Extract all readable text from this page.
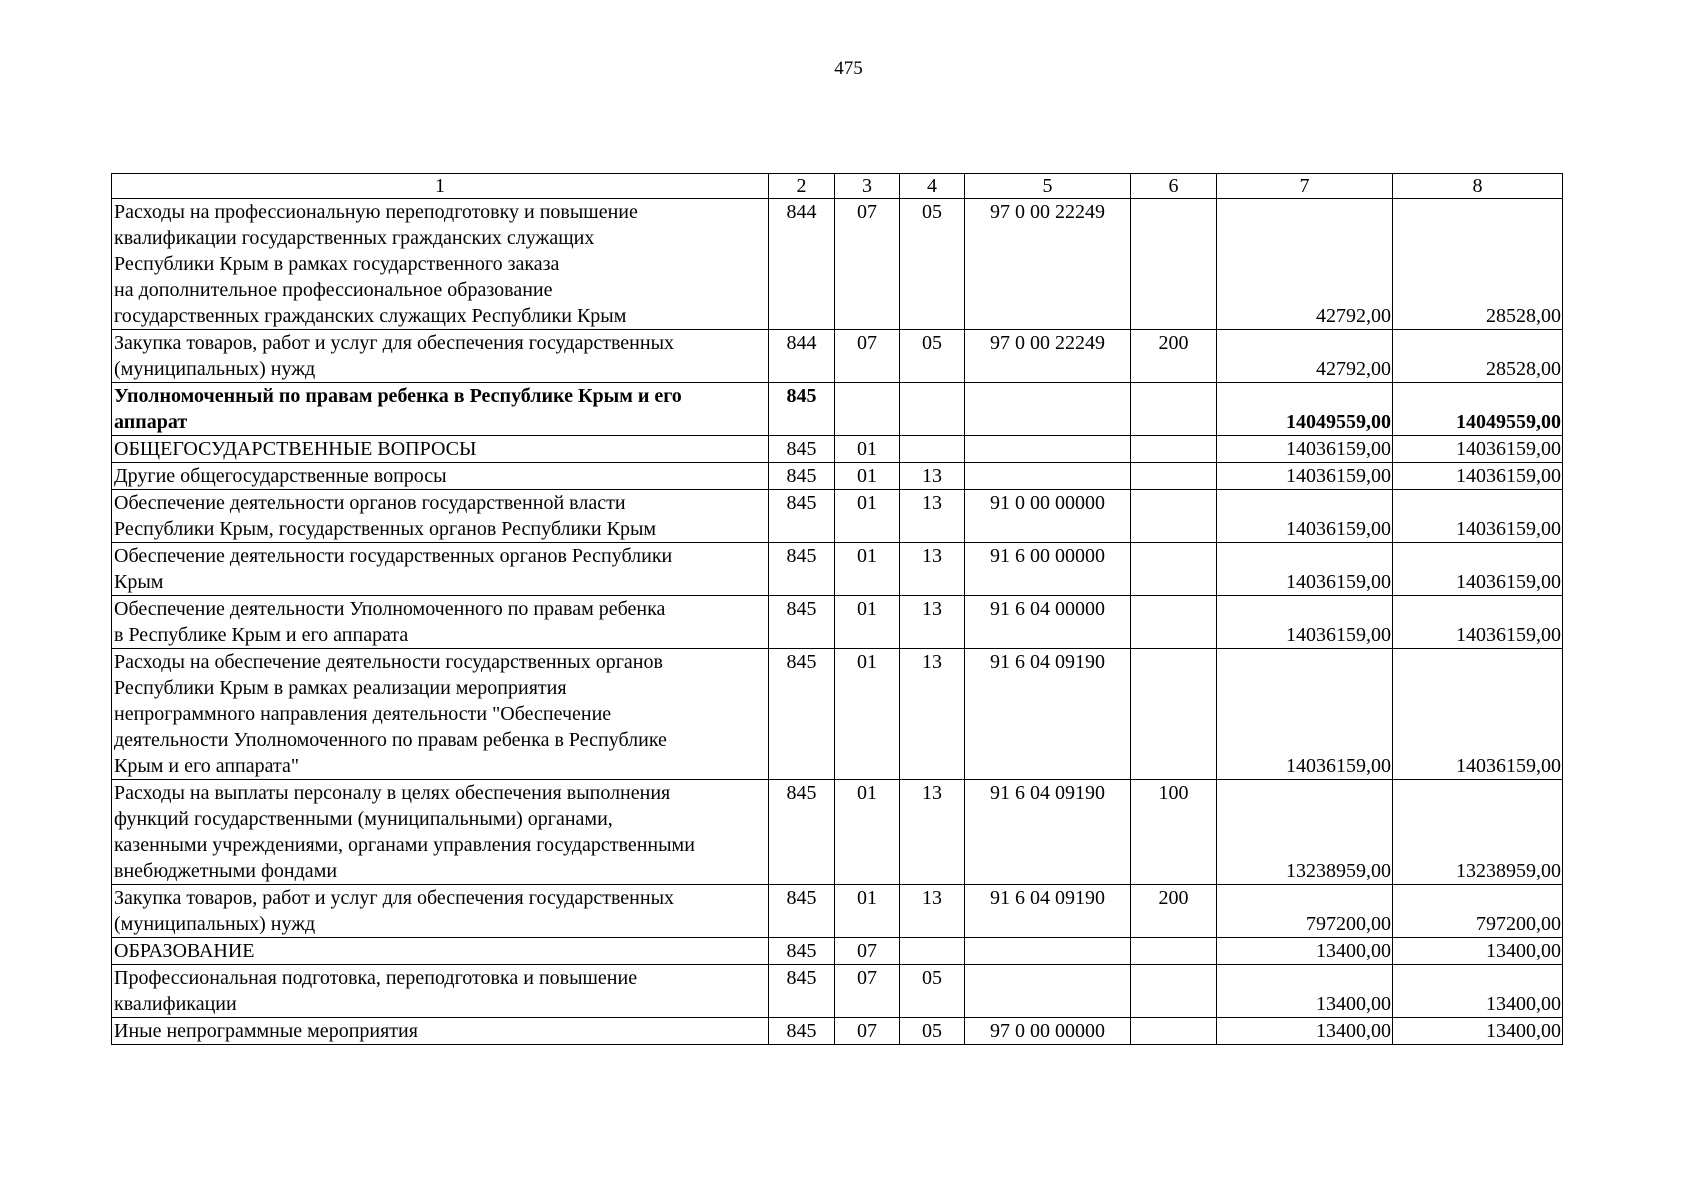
475
1	2	3	4	5	6	7	8
Расходы на профессиональную переподготовку и повышение
квалификации государственных гражданских служащих
Республики Крым в рамках государственного заказа
на дополнительное профессиональное образование
государственных гражданских служащих Республики Крым	844	07	05	97 0 00 22249		42792,00	28528,00
Закупка товаров, работ и услуг для обеспечения государственных
(муниципальных) нужд	844	07	05	97 0 00 22249	200	42792,00	28528,00
Уполномоченный по правам ребенка в Республике Крым и его
аппарат	845					14049559,00	14049559,00
ОБЩЕГОСУДАРСТВЕННЫЕ ВОПРОСЫ	845	01				14036159,00	14036159,00
Другие общегосударственные вопросы	845	01	13			14036159,00	14036159,00
Обеспечение деятельности органов государственной власти
Республики Крым, государственных органов Республики Крым	845	01	13	91 0 00 00000		14036159,00	14036159,00
Обеспечение деятельности государственных органов Республики
Крым	845	01	13	91 6 00 00000		14036159,00	14036159,00
Обеспечение деятельности Уполномоченного по правам ребенка
в Республике Крым и его аппарата	845	01	13	91 6 04 00000		14036159,00	14036159,00
Расходы на обеспечение деятельности государственных органов
Республики Крым в рамках реализации мероприятия
непрограммного направления деятельности "Обеспечение
деятельности Уполномоченного по правам ребенка в Республике
Крым и его аппарата"	845	01	13	91 6 04 09190		14036159,00	14036159,00
Расходы на выплаты персоналу в целях обеспечения выполнения
функций государственными (муниципальными) органами,
казенными учреждениями, органами управления государственными
внебюджетными фондами	845	01	13	91 6 04 09190	100	13238959,00	13238959,00
Закупка товаров, работ и услуг для обеспечения государственных
(муниципальных) нужд	845	01	13	91 6 04 09190	200	797200,00	797200,00
ОБРАЗОВАНИЕ	845	07				13400,00	13400,00
Профессиональная подготовка, переподготовка и повышение
квалификации	845	07	05			13400,00	13400,00
Иные непрограммные мероприятия	845	07	05	97 0 00 00000		13400,00	13400,00
